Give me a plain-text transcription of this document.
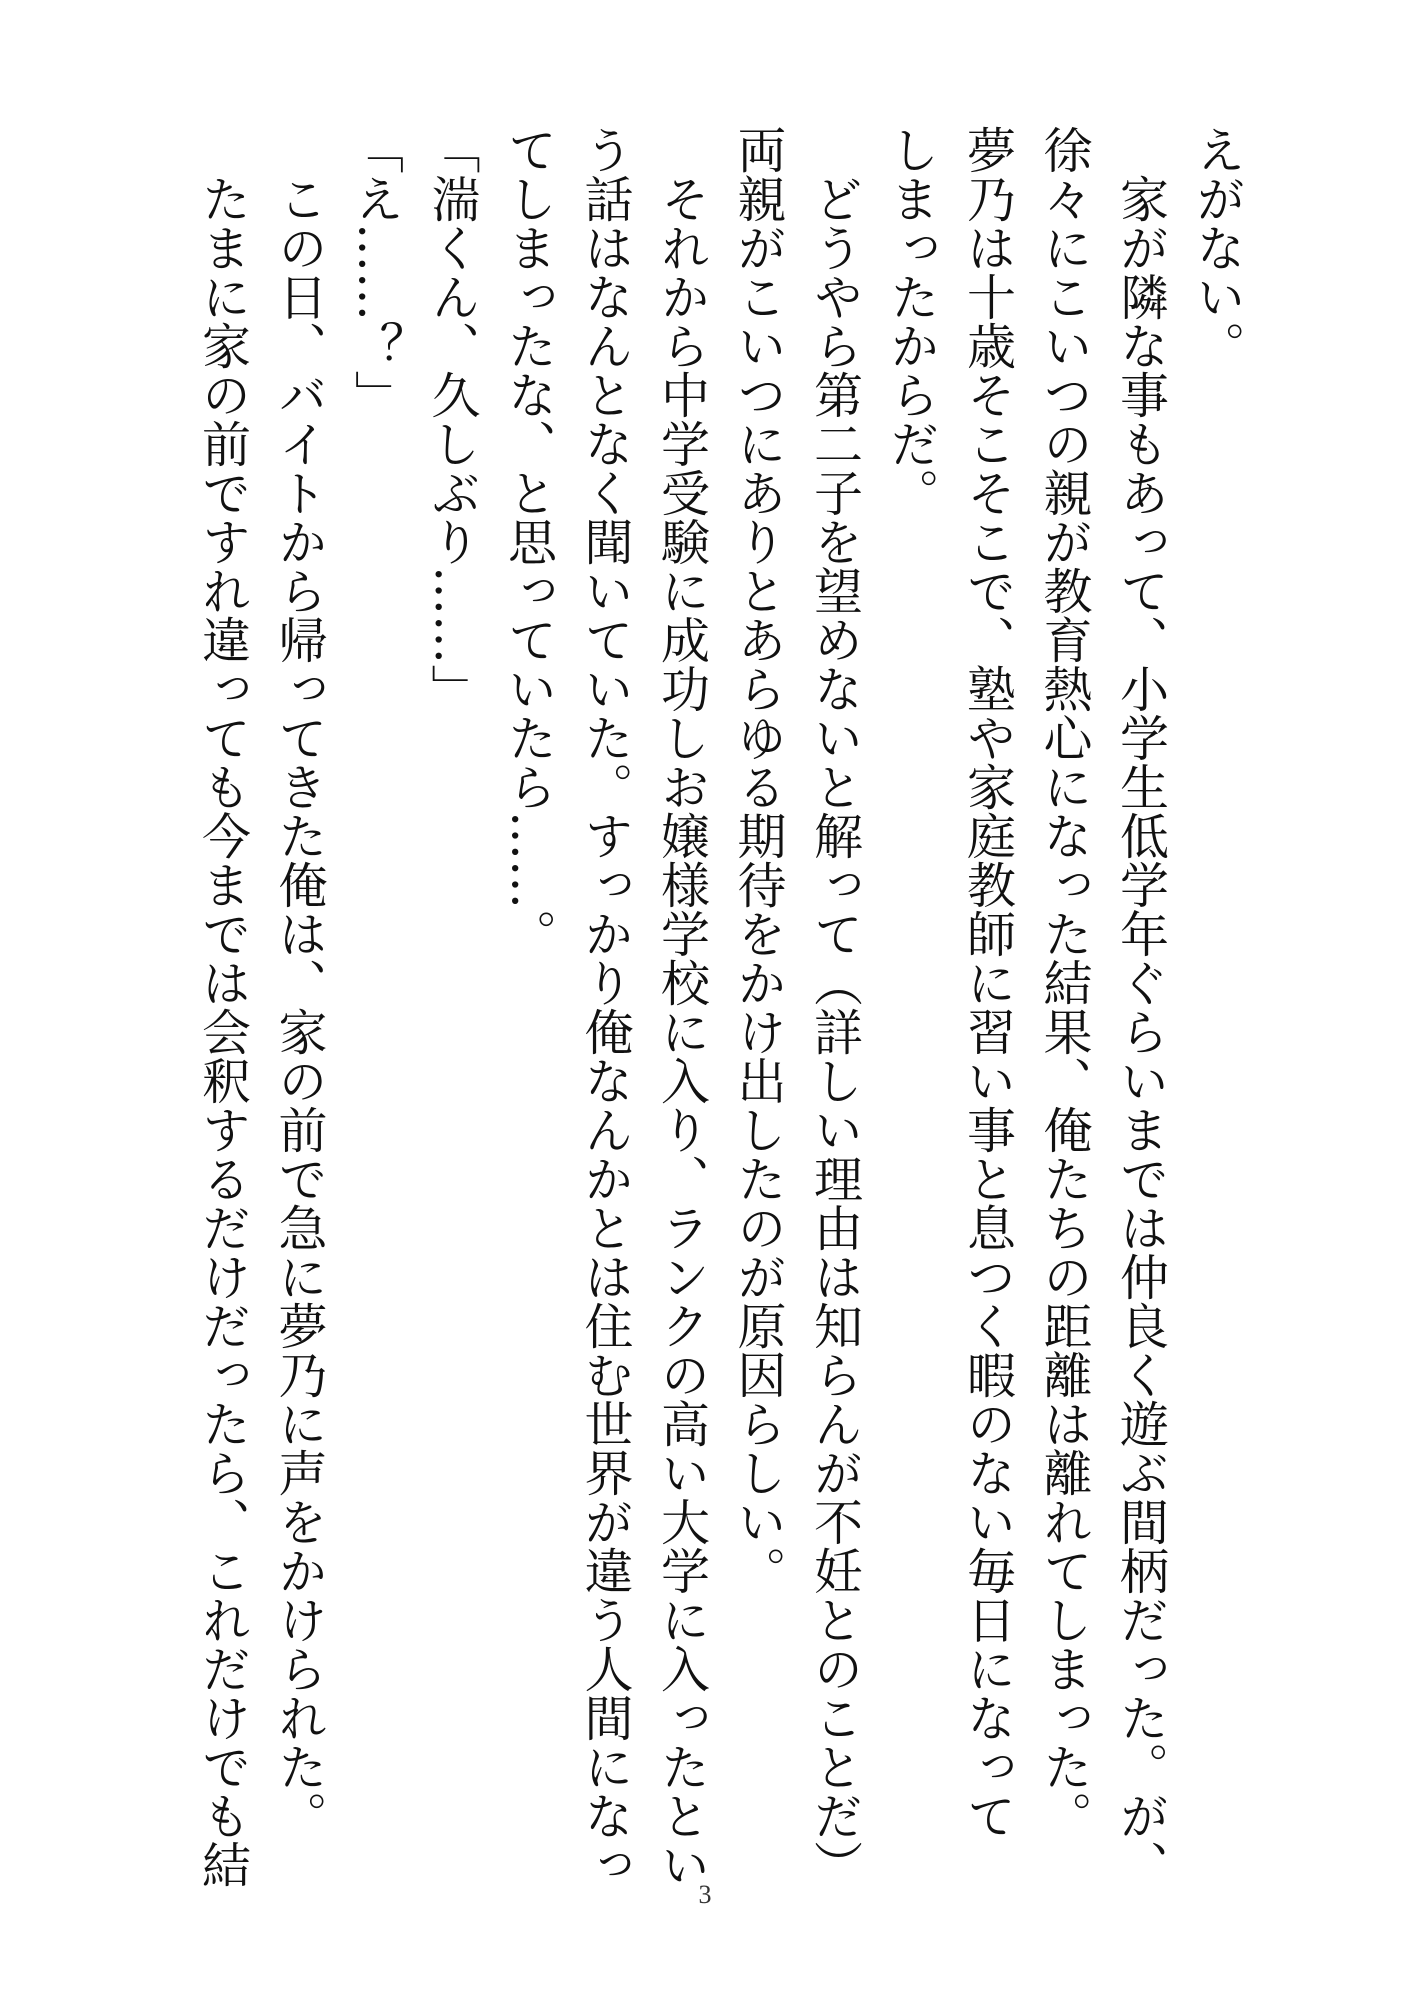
えがない。
　家が隣な事もあって、小学生低学年ぐらいまでは仲良く遊ぶ間柄だった。が、
徐々にこいつの親が教育熱心になった結果、俺たちの距離は離れてしまった。
夢乃は十歳そこそこで、塾や家庭教師に習い事と息つく暇のない毎日になって
しまったからだ。
　どうやら第二子を望めないと解って（詳しい理由は知らんが不妊とのことだ）
両親がこいつにありとあらゆる期待をかけ出したのが原因らしい。
　それから中学受験に成功しお嬢様学校に入り、ランクの高い大学に入ったとい
う話はなんとなく聞いていた。すっかり俺なんかとは住む世界が違う人間になっ
てしまったな、と思っていたら……。
「湍くん、久しぶり……」
「え……？」
　この日、バイトから帰ってきた俺は、家の前で急に夢乃に声をかけられた。
　たまに家の前ですれ違っても今までは会釈するだけだったら、これだけでも結
3
